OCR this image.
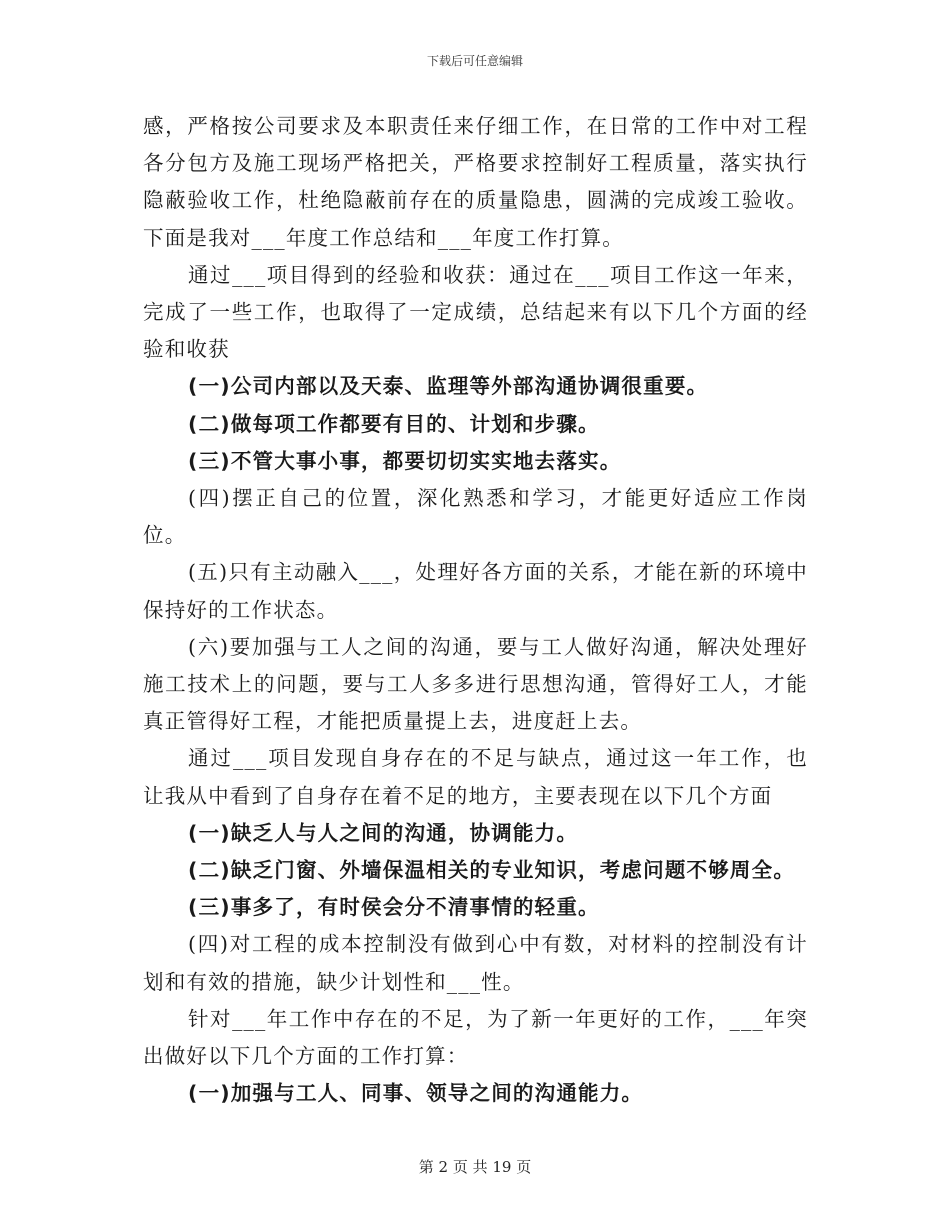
下载后可任意编辑

感，严格按公司要求及本职责任来仔细工作，在日常的工作中对工程各分包方及施工现场严格把关，严格要求控制好工程质量，落实执行隐蔽验收工作，杜绝隐蔽前存在的质量隐患，圆满的完成竣工验收。下面是我对___年度工作总结和___年度工作打算。

通过___项目得到的经验和收获：通过在___项目工作这一年来，完成了一些工作，也取得了一定成绩，总结起来有以下几个方面的经验和收获

(一)公司内部以及天泰、监理等外部沟通协调很重要。

(二)做每项工作都要有目的、计划和步骤。

(三)不管大事小事，都要切切实实地去落实。

(四)摆正自己的位置，深化熟悉和学习，才能更好适应工作岗位。

(五)只有主动融入___，处理好各方面的关系，才能在新的环境中保持好的工作状态。

(六)要加强与工人之间的沟通，要与工人做好沟通，解决处理好施工技术上的问题，要与工人多多进行思想沟通，管得好工人，才能真正管得好工程，才能把质量提上去，进度赶上去。

通过___项目发现自身存在的不足与缺点，通过这一年工作，也让我从中看到了自身存在着不足的地方，主要表现在以下几个方面

(一)缺乏人与人之间的沟通，协调能力。

(二)缺乏门窗、外墙保温相关的专业知识，考虑问题不够周全。

(三)事多了，有时侯会分不清事情的轻重。

(四)对工程的成本控制没有做到心中有数，对材料的控制没有计划和有效的措施，缺少计划性和___性。

针对___年工作中存在的不足，为了新一年更好的工作，___年突出做好以下几个方面的工作打算：

(一)加强与工人、同事、领导之间的沟通能力。

第 2 页 共 19 页
